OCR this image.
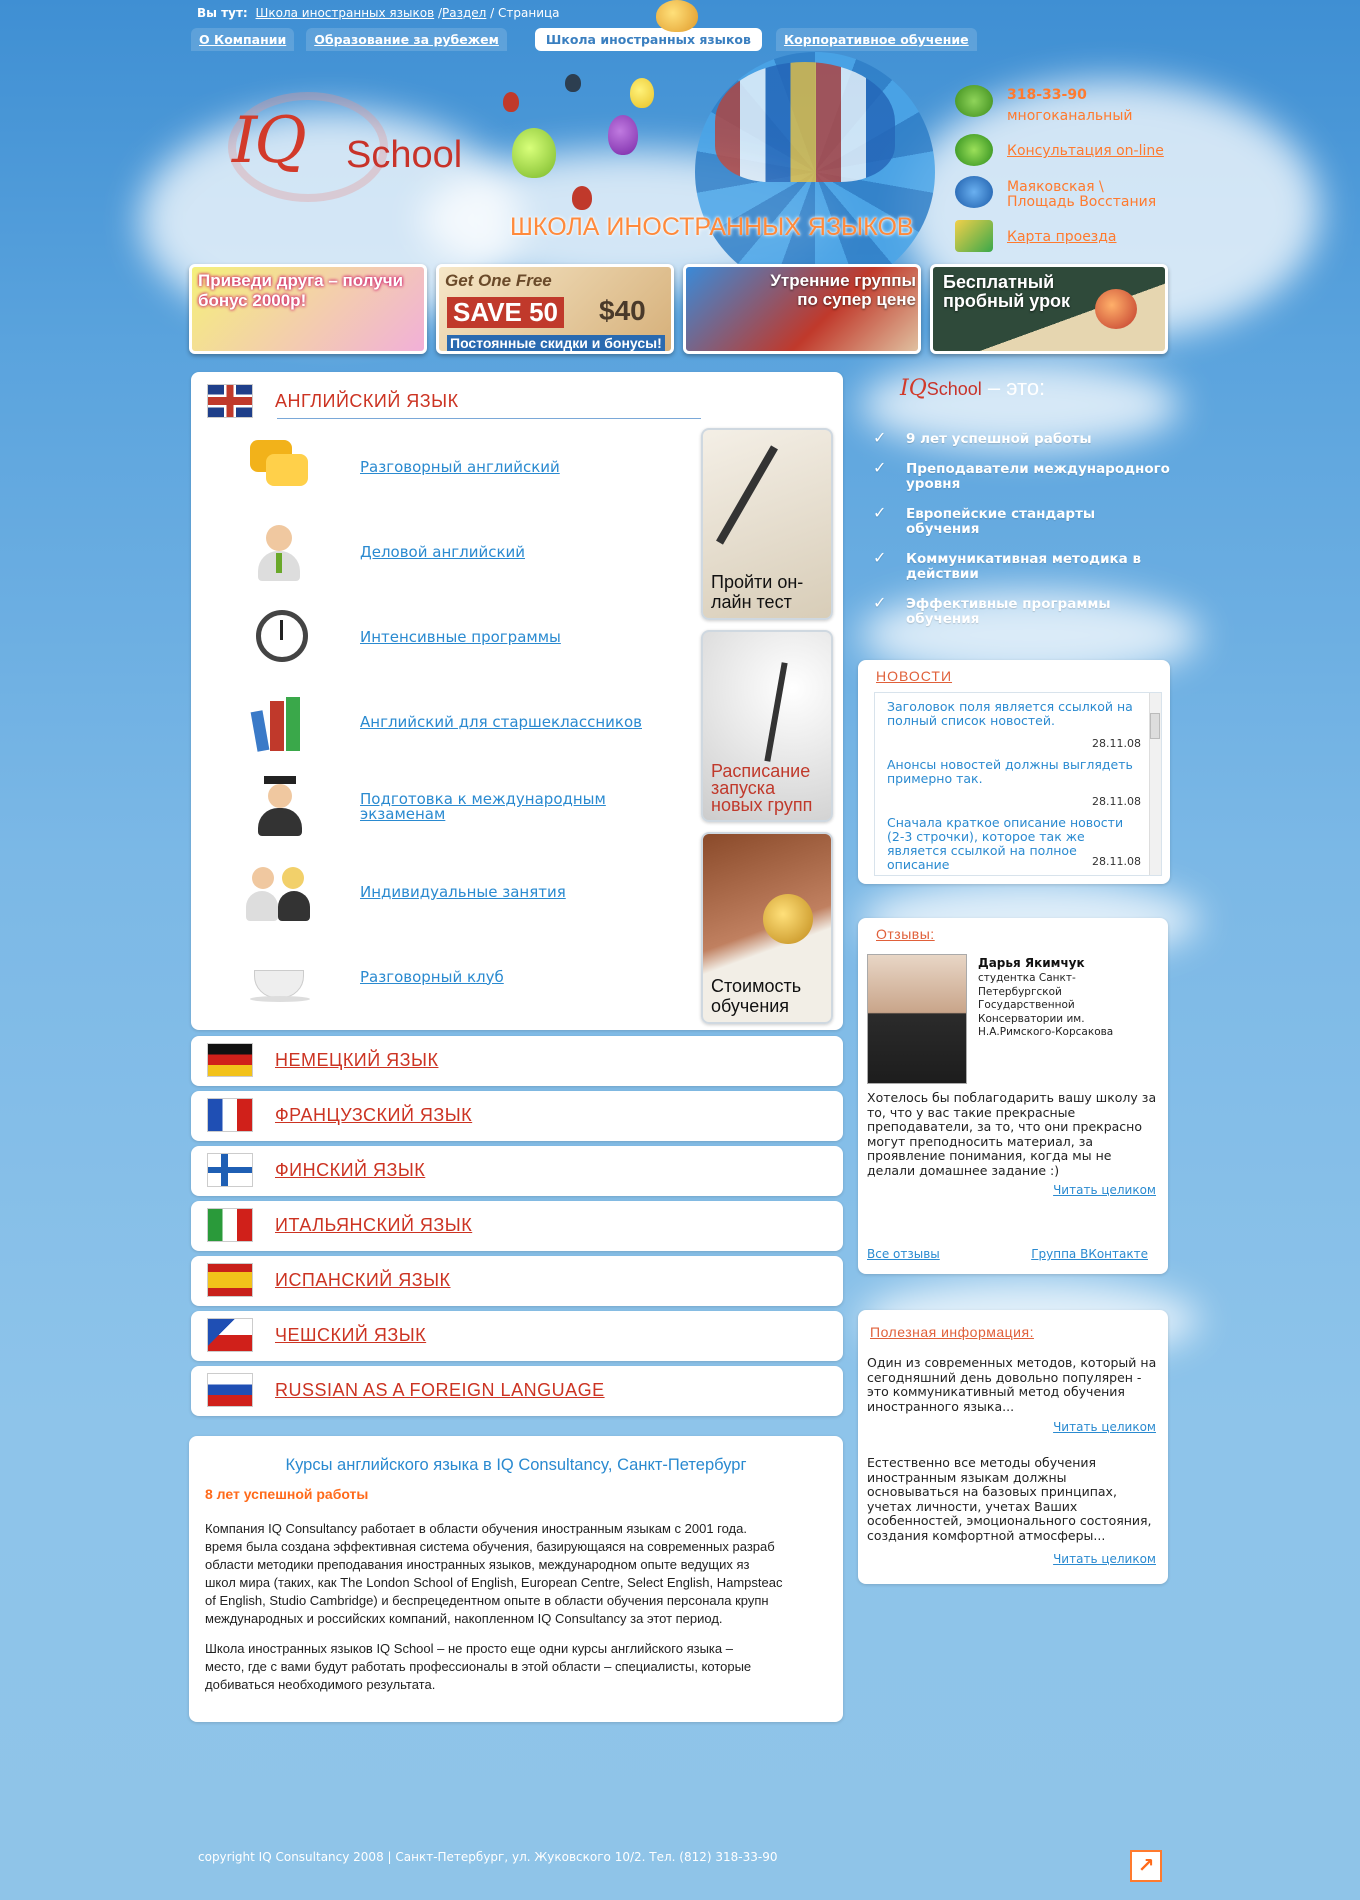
Вы тут: Школа иностранных языков /Раздел / Страница
О Компании	Образование за рубежем	Школа иностранных языков	Корпоративное обучение
IQ School
ШКОЛА ИНОСТРАННЫХ ЯЗЫКОВ
318-33-90
многоканальный
Консультация on-line
Маяковская \ Площадь Восстания
Карта проезда
Приведи друга – получи бонус 2000р!
Get One Free
SAVE 50 $40
Постоянные скидки и бонусы!
Утренние группы по супер цене
Бесплатный пробный урок
АНГЛИЙСКИЙ ЯЗЫК
Разговорный английский
Деловой английский
Интенсивные программы
Английский для старшеклассников
Подготовка к международным экзаменам
Индивидуальные занятия
Разговорный клуб
Пройти он-лайн тест
Расписание запуска новых групп
Стоимость обучения
НЕМЕЦКИЙ ЯЗЫК
ФРАНЦУЗСКИЙ ЯЗЫК
ФИНСКИЙ ЯЗЫК
ИТАЛЬЯНСКИЙ ЯЗЫК
ИСПАНСКИЙ ЯЗЫК
ЧЕШСКИЙ ЯЗЫК
RUSSIAN AS A FOREIGN LANGUAGE
Курсы английского языка в IQ Consultancy, Санкт-Петербург
8 лет успешной работы
Компания IQ Consultancy работает в области обучения иностранным языкам с 2001 года.
время была создана эффективная система обучения, базирующаяся на современных разраб
области методики преподавания иностранных языков, международном опыте ведущих яз
школ мира (таких, как The London School of English, European Centre, Select English, Hampsteac
of English, Studio Cambridge) и беспрецедентном опыте в области обучения персонала крупн
международных и российских компаний, накопленном IQ Consultancy за этот период.
Школа иностранных языков IQ School – не просто еще одни курсы английского языка –
место, где с вами будут работать профессионалы в этой области – специалисты, которые
добиваться необходимого результата.
IQSchool – это:
✓ 9 лет успешной работы
✓ Преподаватели международного уровня
✓ Европейские стандарты обучения
✓ Коммуникативная методика в действии
✓ Эффективные программы обучения
НОВОСТИ
Заголовок поля является ссылкой на полный список новостей.
28.11.08
Анонсы новостей должны выглядеть примерно так.
28.11.08
Сначала краткое описание новости (2-3 строчки), которое так же является ссылкой на полное описание	28.11.08
Отзывы:
Дарья Якимчук
студентка Санкт-Петербургской Государственной Консерватории им. Н.А.Римского-Корсакова
Хотелось бы поблагодарить вашу школу за то, что у вас такие прекрасные преподаватели, за то, что они прекрасно могут преподносить материал, за проявление понимания, когда мы не делали домашнее задание :)
Читать целиком
Все отзывы	Группа ВКонтакте
Полезная информация:
Один из современных методов, который на сегодняшний день довольно популярен - это коммуникативный метод обучения иностранного языка...
Читать целиком
Естественно все методы обучения иностранным языкам должны основываться на базовых принципах, учетах личности, учетах Ваших особенностей, эмоционального состояния, создания комфортной атмосферы...
Читать целиком
copyright IQ Consultancy 2008 | Санкт-Петербург, ул. Жуковского 10/2. Тел. (812) 318-33-90	↗
